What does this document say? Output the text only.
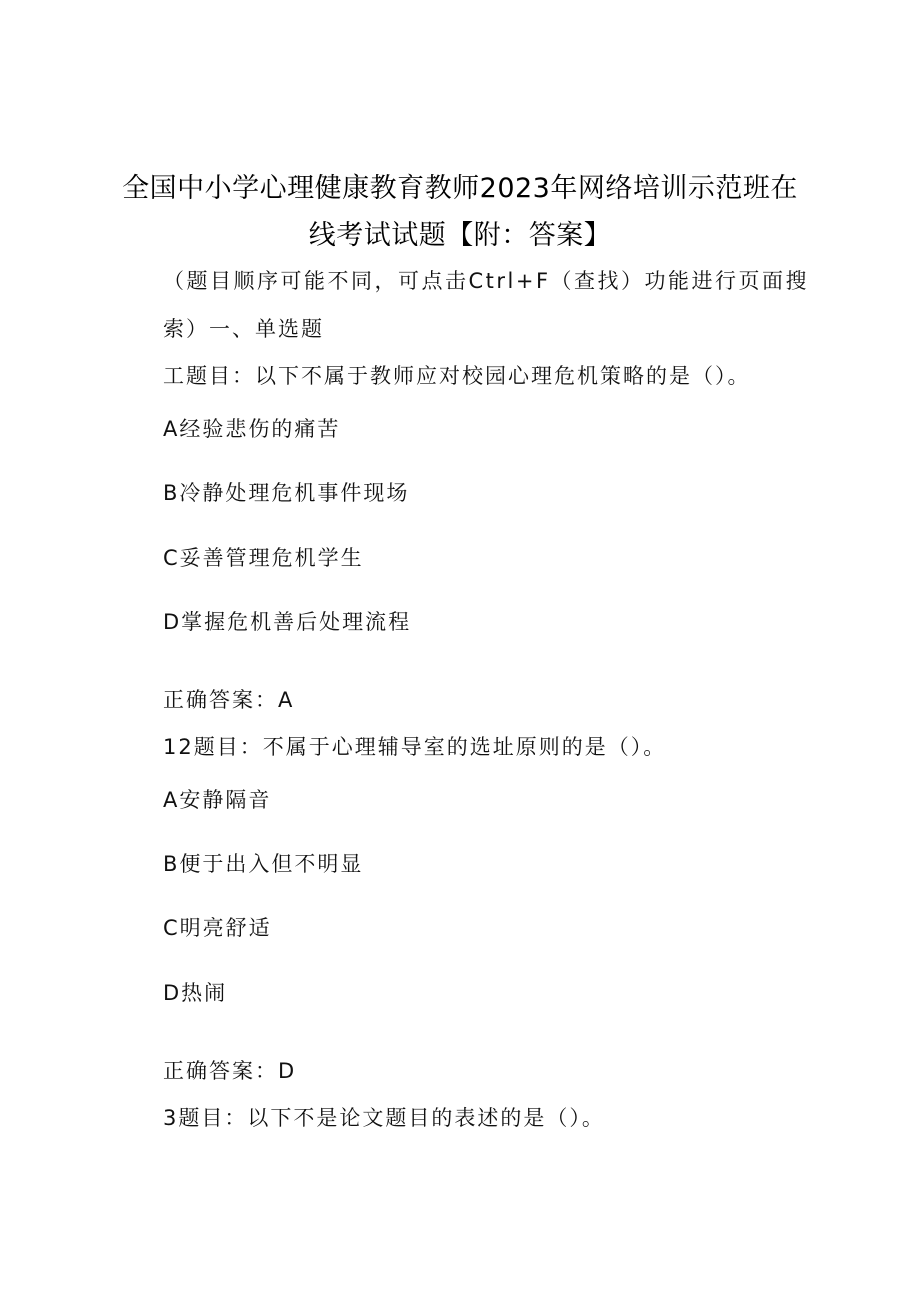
全国中小学心理健康教育教师2023年网络培训示范班在
线考试试题【附：答案】
（题目顺序可能不同，可点击Ctrl+F（查找）功能进行页面搜
索）一、单选题
工题目：以下不属于教师应对校园心理危机策略的是（）。
A经验悲伤的痛苦
B冷静处理危机事件现场
C妥善管理危机学生
D掌握危机善后处理流程
正确答案：A
12题目：不属于心理辅导室的选址原则的是（）。
A安静隔音
B便于出入但不明显
C明亮舒适
D热闹
正确答案：D
3题目：以下不是论文题目的表述的是（）。
